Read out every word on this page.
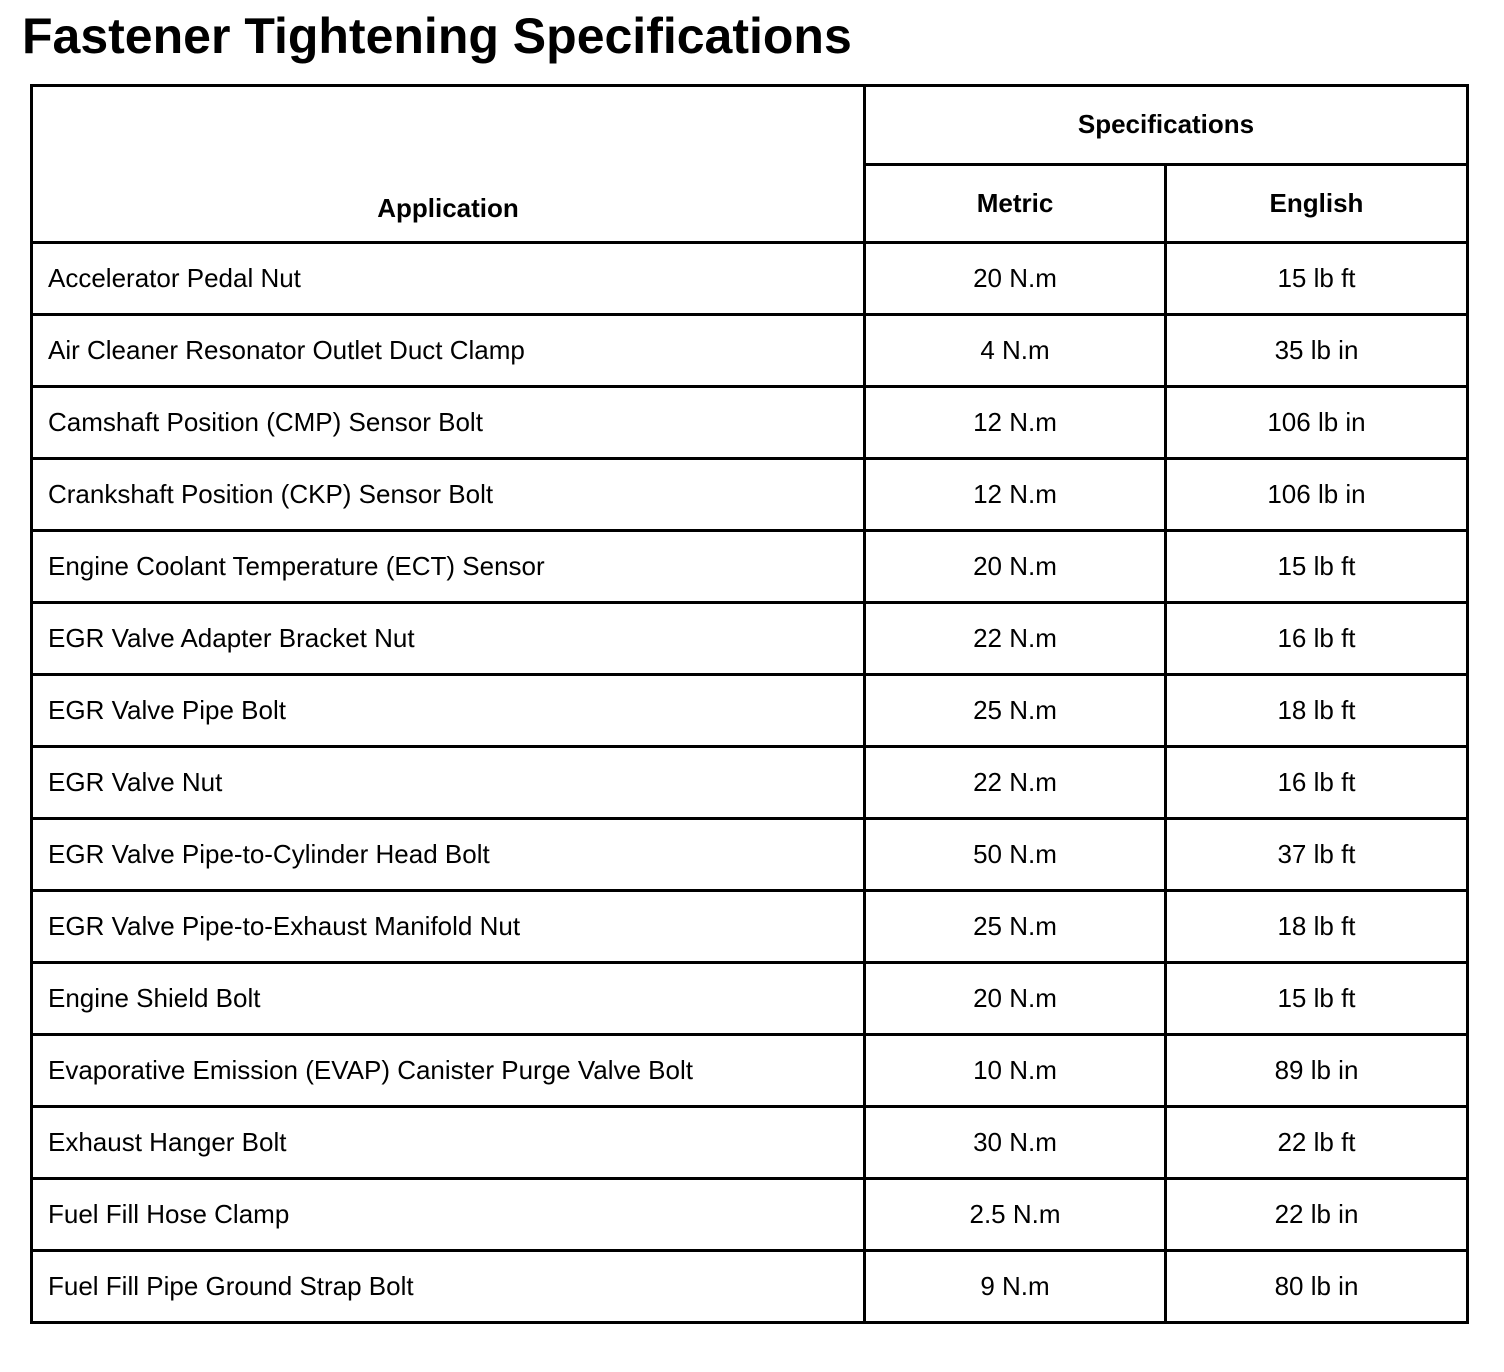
Fastener Tightening Specifications
Application	Specifications	
	Metric	English
Accelerator Pedal Nut	20 N.m	15 lb ft
Air Cleaner Resonator Outlet Duct Clamp	4 N.m	35 lb in
Camshaft Position (CMP) Sensor Bolt	12 N.m	106 lb in
Crankshaft Position (CKP) Sensor Bolt	12 N.m	106 lb in
Engine Coolant Temperature (ECT) Sensor	20 N.m	15 lb ft
EGR Valve Adapter Bracket Nut	22 N.m	16 lb ft
EGR Valve Pipe Bolt	25 N.m	18 lb ft
EGR Valve Nut	22 N.m	16 lb ft
EGR Valve Pipe-to-Cylinder Head Bolt	50 N.m	37 lb ft
EGR Valve Pipe-to-Exhaust Manifold Nut	25 N.m	18 lb ft
Engine Shield Bolt	20 N.m	15 lb ft
Evaporative Emission (EVAP) Canister Purge Valve Bolt	10 N.m	89 lb in
Exhaust Hanger Bolt	30 N.m	22 lb ft
Fuel Fill Hose Clamp	2.5 N.m	22 lb in
Fuel Fill Pipe Ground Strap Bolt	9 N.m	80 lb in
